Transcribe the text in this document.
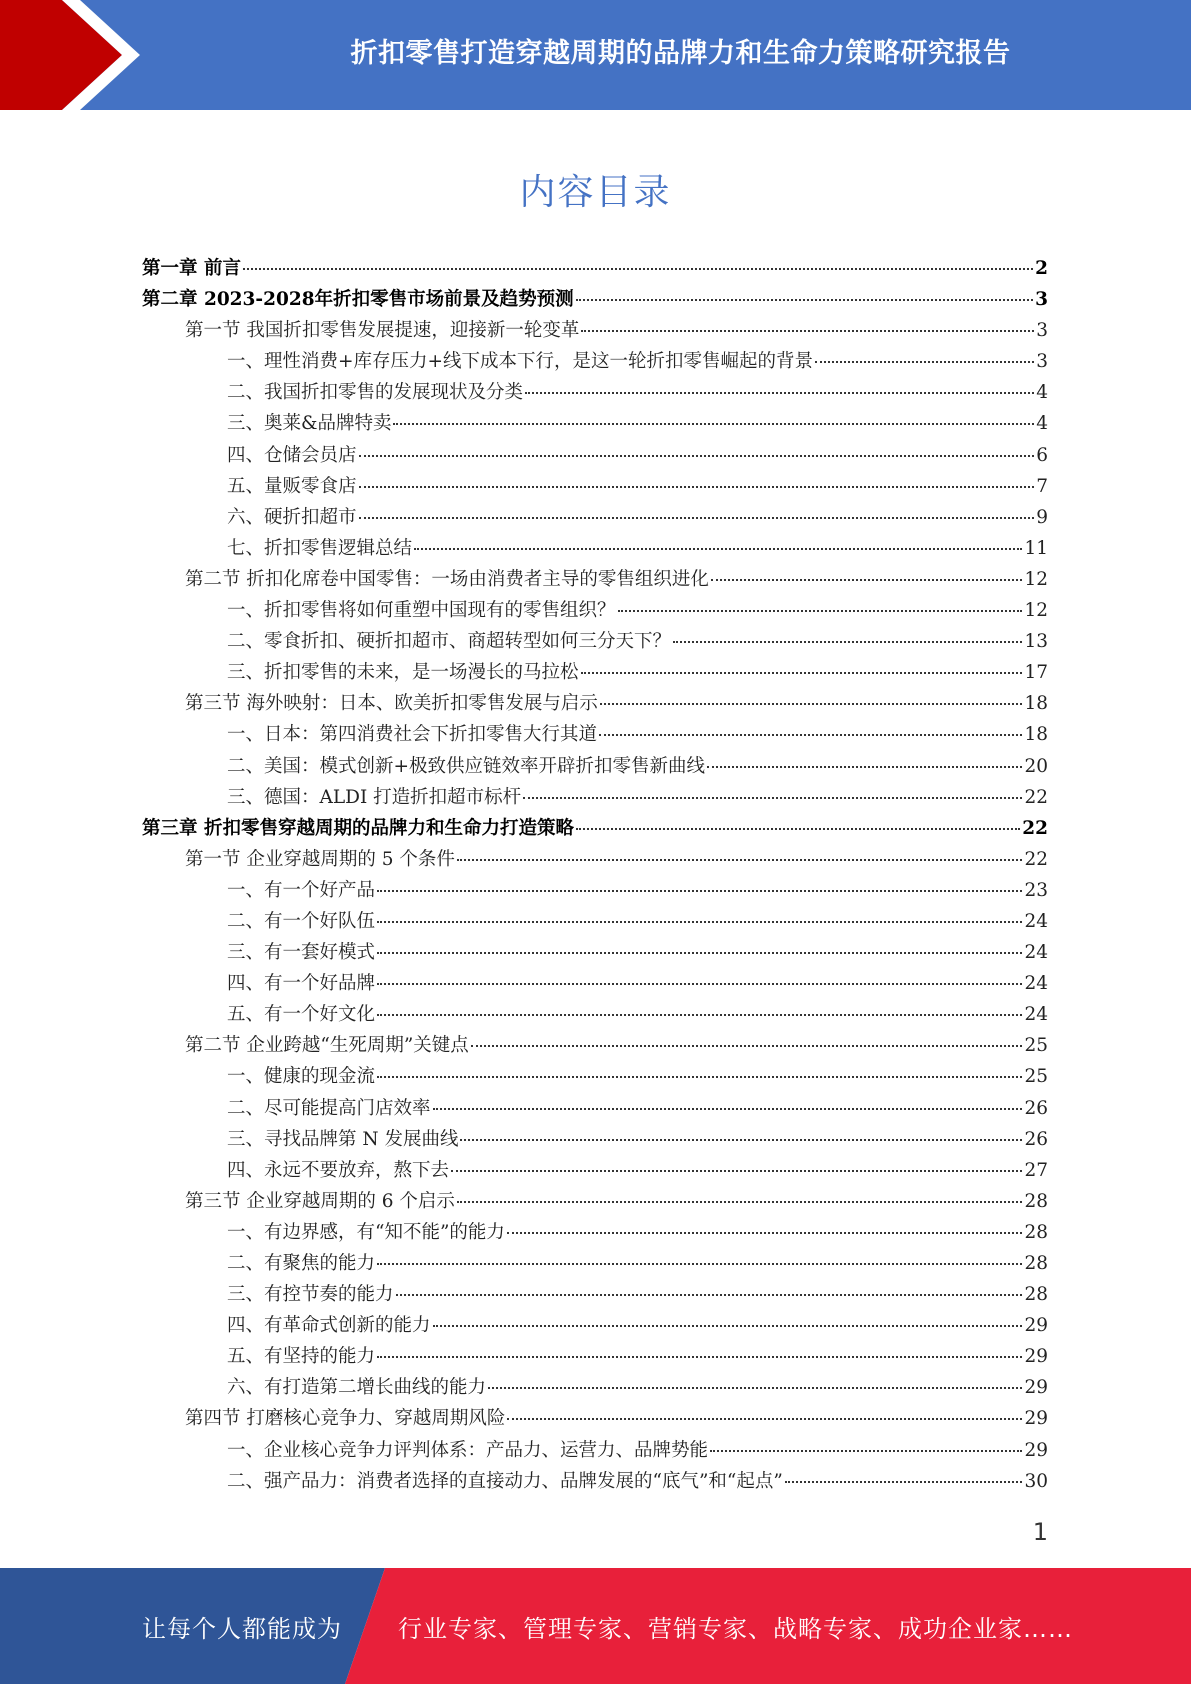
折扣零售打造穿越周期的品牌力和生命力策略研究报告
内容目录
第一章 前言	2
第二章 2023-2028年折扣零售市场前景及趋势预测	3
第一节 我国折扣零售发展提速，迎接新一轮变革	3
一、理性消费+库存压力+线下成本下行，是这一轮折扣零售崛起的背景	3
二、我国折扣零售的发展现状及分类	4
三、奥莱&品牌特卖	4
四、仓储会员店	6
五、量贩零食店	7
六、硬折扣超市	9
七、折扣零售逻辑总结	11
第二节 折扣化席卷中国零售：一场由消费者主导的零售组织进化	12
一、折扣零售将如何重塑中国现有的零售组织？	12
二、零食折扣、硬折扣超市、商超转型如何三分天下？	13
三、折扣零售的未来，是一场漫长的马拉松	17
第三节 海外映射：日本、欧美折扣零售发展与启示	18
一、日本：第四消费社会下折扣零售大行其道	18
二、美国：模式创新+极致供应链效率开辟折扣零售新曲线	20
三、德国：ALDI 打造折扣超市标杆	22
第三章 折扣零售穿越周期的品牌力和生命力打造策略	22
第一节 企业穿越周期的 5 个条件	22
一、有一个好产品	23
二、有一个好队伍	24
三、有一套好模式	24
四、有一个好品牌	24
五、有一个好文化	24
第二节 企业跨越“生死周期”关键点	25
一、健康的现金流	25
二、尽可能提高门店效率	26
三、寻找品牌第 N 发展曲线	26
四、永远不要放弃，熬下去	27
第三节 企业穿越周期的 6 个启示	28
一、有边界感，有“知不能”的能力	28
二、有聚焦的能力	28
三、有控节奏的能力	28
四、有革命式创新的能力	29
五、有坚持的能力	29
六、有打造第二增长曲线的能力	29
第四节 打磨核心竞争力、穿越周期风险	29
一、企业核心竞争力评判体系：产品力、运营力、品牌势能	29
二、强产品力：消费者选择的直接动力、品牌发展的“底气”和“起点”	30
1
让每个人都能成为 行业专家、管理专家、营销专家、战略专家、成功企业家……
